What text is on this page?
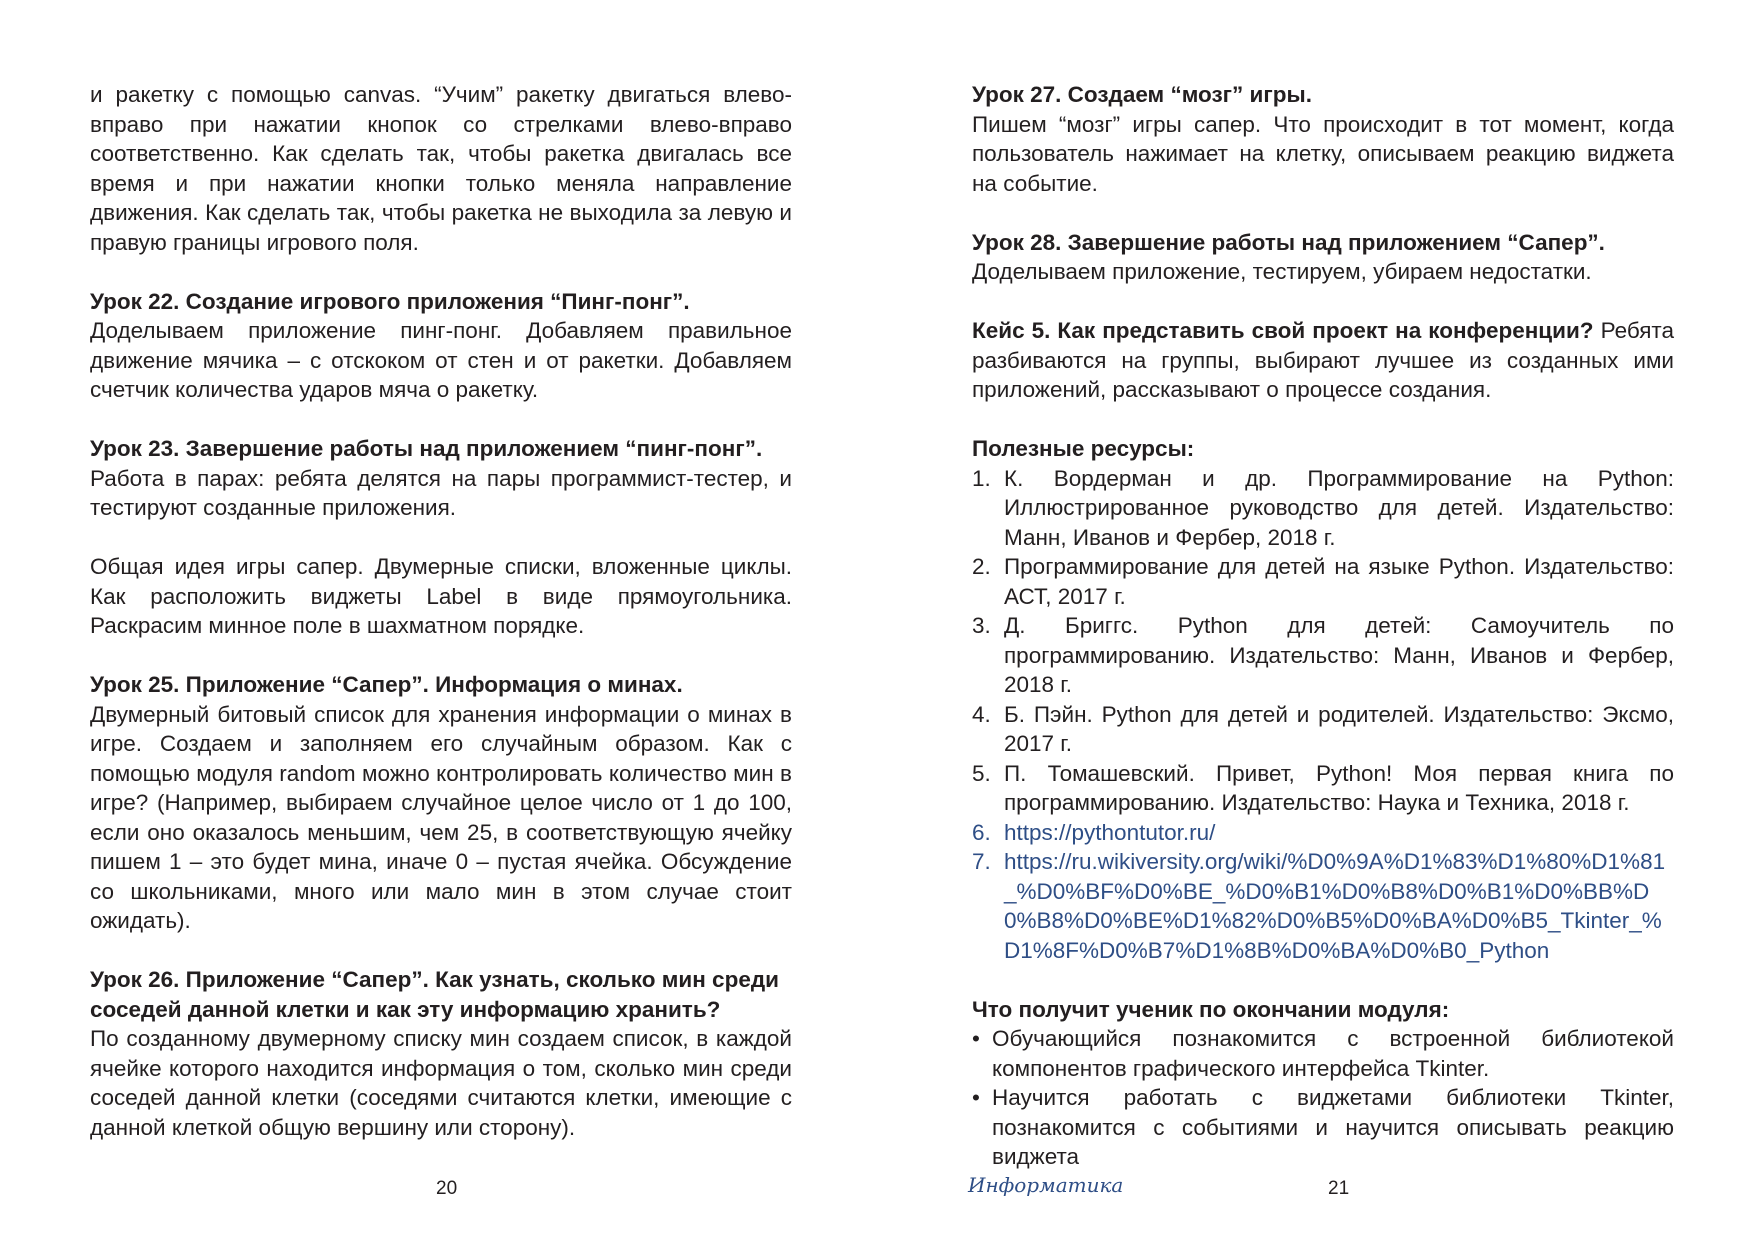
и ракетку с помощью canvas. “Учим” ракетку двигаться влево-вправо при нажатии кнопок со стрелками влево-вправо соответственно. Как сделать так, чтобы ракетка двигалась все время и при нажатии кнопки только меняла направление движения. Как сделать так, чтобы ракетка не выходила за левую и правую границы игрового поля.

Урок 22. Создание игрового приложения “Пинг-понг”.

Доделываем приложение пинг-понг. Добавляем правильное движение мячика – с отскоком от стен и от ракетки. Добавляем счетчик количества ударов мяча о ракетку.

Урок 23. Завершение работы над приложением “пинг-понг”.

Работа в парах: ребята делятся на пары программист-тестер, и тестируют созданные приложения.

Общая идея игры сапер. Двумерные списки, вложенные циклы. Как расположить виджеты Label в виде прямоугольника. Раскрасим минное поле в шахматном порядке.

Урок 25. Приложение “Сапер”. Информация о минах.

Двумерный битовый список для хранения информации о минах в игре. Создаем и заполняем его случайным образом. Как с помощью модуля random можно контролировать количество мин в игре? (Например, выбираем случайное целое число от 1 до 100, если оно оказалось меньшим, чем 25, в соответствующую ячейку пишем 1 – это будет мина, иначе 0 – пустая ячейка. Обсуждение со школьниками, много или мало мин в этом случае стоит ожидать).

Урок 26. Приложение “Сапер”. Как узнать, сколько мин среди соседей данной клетки и как эту информацию хранить?

По созданному двумерному списку мин создаем список, в каждой ячейке которого находится информация о том, сколько мин среди соседей данной клетки (соседями считаются клетки, имеющие с данной клеткой общую вершину или сторону).

Урок 27. Создаем “мозг” игры.

Пишем “мозг” игры сапер. Что происходит в тот момент, когда пользователь нажимает на клетку, описываем реакцию виджета на событие.

Урок 28. Завершение работы над приложением “Сапер”.

Доделываем приложение, тестируем, убираем недостатки.

Кейс 5. Как представить свой проект на конференции? Ребята разбиваются на группы, выбирают лучшее из созданных ими приложений, рассказывают о процессе создания.

Полезные ресурсы:

1. К. Вордерман и др. Программирование на Python: Иллюстрированное руководство для детей. Издательство: Манн, Иванов и Фербер, 2018 г.
2. Программирование для детей на языке Python. Издательство: АСТ, 2017 г.
3. Д. Бриггс. Python для детей: Самоучитель по программированию. Издательство: Манн, Иванов и Фербер, 2018 г.
4. Б. Пэйн. Python для детей и родителей. Издательство: Эксмо, 2017 г.
5. П. Томашевский. Привет, Python! Моя первая книга по программированию. Издательство: Наука и Техника, 2018 г.
6. https://pythontutor.ru/
7. https://ru.wikiversity.org/wiki/%D0%9A%D1%83%D1%80%D1%81_%D0%BF%D0%BE_%D0%B1%D0%B8%D0%B1%D0%BB%D0%B8%D0%BE%D1%82%D0%B5%D0%BA%D0%B5_Tkinter_%D1%8F%D0%B7%D1%8B%D0%BA%D0%B0_Python

Что получит ученик по окончании модуля:

• Обучающийся познакомится с встроенной библиотекой компонентов графического интерфейса Tkinter.
• Научится работать с виджетами библиотеки Tkinter, познакомится с событиями и научится описывать реакцию виджета
20	Информатика	21
